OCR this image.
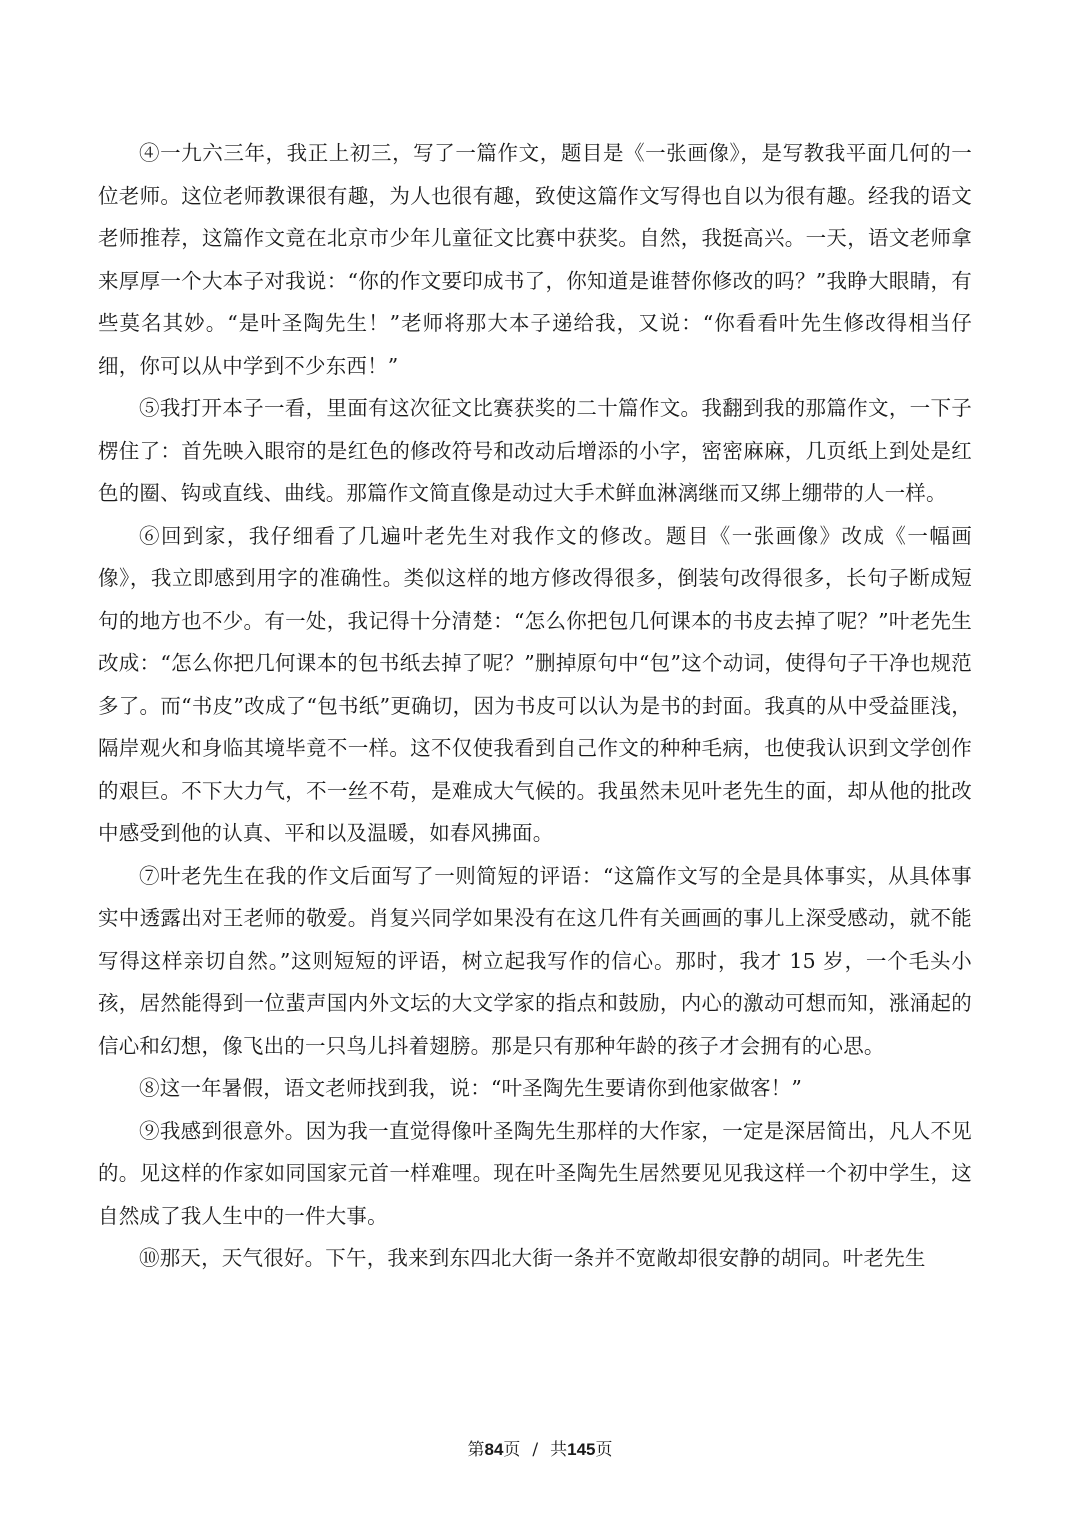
④一九六三年，我正上初三，写了一篇作文，题目是《一张画像》，是写教我平面几何的一位老师。这位老师教课很有趣，为人也很有趣，致使这篇作文写得也自以为很有趣。经我的语文老师推荐，这篇作文竟在北京市少年儿童征文比赛中获奖。自然，我挺高兴。一天，语文老师拿来厚厚一个大本子对我说：“你的作文要印成书了，你知道是谁替你修改的吗？”我睁大眼睛，有些莫名其妙。“是叶圣陶先生！”老师将那大本子递给我，又说：“你看看叶先生修改得相当仔细，你可以从中学到不少东西！”

⑤我打开本子一看，里面有这次征文比赛获奖的二十篇作文。我翻到我的那篇作文，一下子楞住了：首先映入眼帘的是红色的修改符号和改动后增添的小字，密密麻麻，几页纸上到处是红色的圈、钩或直线、曲线。那篇作文简直像是动过大手术鲜血淋漓继而又绑上绷带的人一样。

⑥回到家，我仔细看了几遍叶老先生对我作文的修改。题目《一张画像》改成《一幅画像》，我立即感到用字的准确性。类似这样的地方修改得很多，倒装句改得很多，长句子断成短句的地方也不少。有一处，我记得十分清楚：“怎么你把包几何课本的书皮去掉了呢？”叶老先生改成：“怎么你把几何课本的包书纸去掉了呢？”删掉原句中“包”这个动词，使得句子干净也规范多了。而“书皮”改成了“包书纸”更确切，因为书皮可以认为是书的封面。我真的从中受益匪浅，隔岸观火和身临其境毕竟不一样。这不仅使我看到自己作文的种种毛病，也使我认识到文学创作的艰巨。不下大力气，不一丝不苟，是难成大气候的。我虽然未见叶老先生的面，却从他的批改中感受到他的认真、平和以及温暖，如春风拂面。

⑦叶老先生在我的作文后面写了一则简短的评语：“这篇作文写的全是具体事实，从具体事实中透露出对王老师的敬爱。肖复兴同学如果没有在这几件有关画画的事儿上深受感动，就不能写得这样亲切自然。”这则短短的评语，树立起我写作的信心。那时，我才 15 岁，一个毛头小孩，居然能得到一位蜚声国内外文坛的大文学家的指点和鼓励，内心的激动可想而知，涨涌起的信心和幻想，像飞出的一只鸟儿抖着翅膀。那是只有那种年龄的孩子才会拥有的心思。

⑧这一年暑假，语文老师找到我，说：“叶圣陶先生要请你到他家做客！”

⑨我感到很意外。因为我一直觉得像叶圣陶先生那样的大作家，一定是深居简出，凡人不见的。见这样的作家如同国家元首一样难哩。现在叶圣陶先生居然要见见我这样一个初中学生，这自然成了我人生中的一件大事。

⑩那天，天气很好。下午，我来到东四北大街一条并不宽敞却很安静的胡同。叶老先生

第84页 / 共145页
